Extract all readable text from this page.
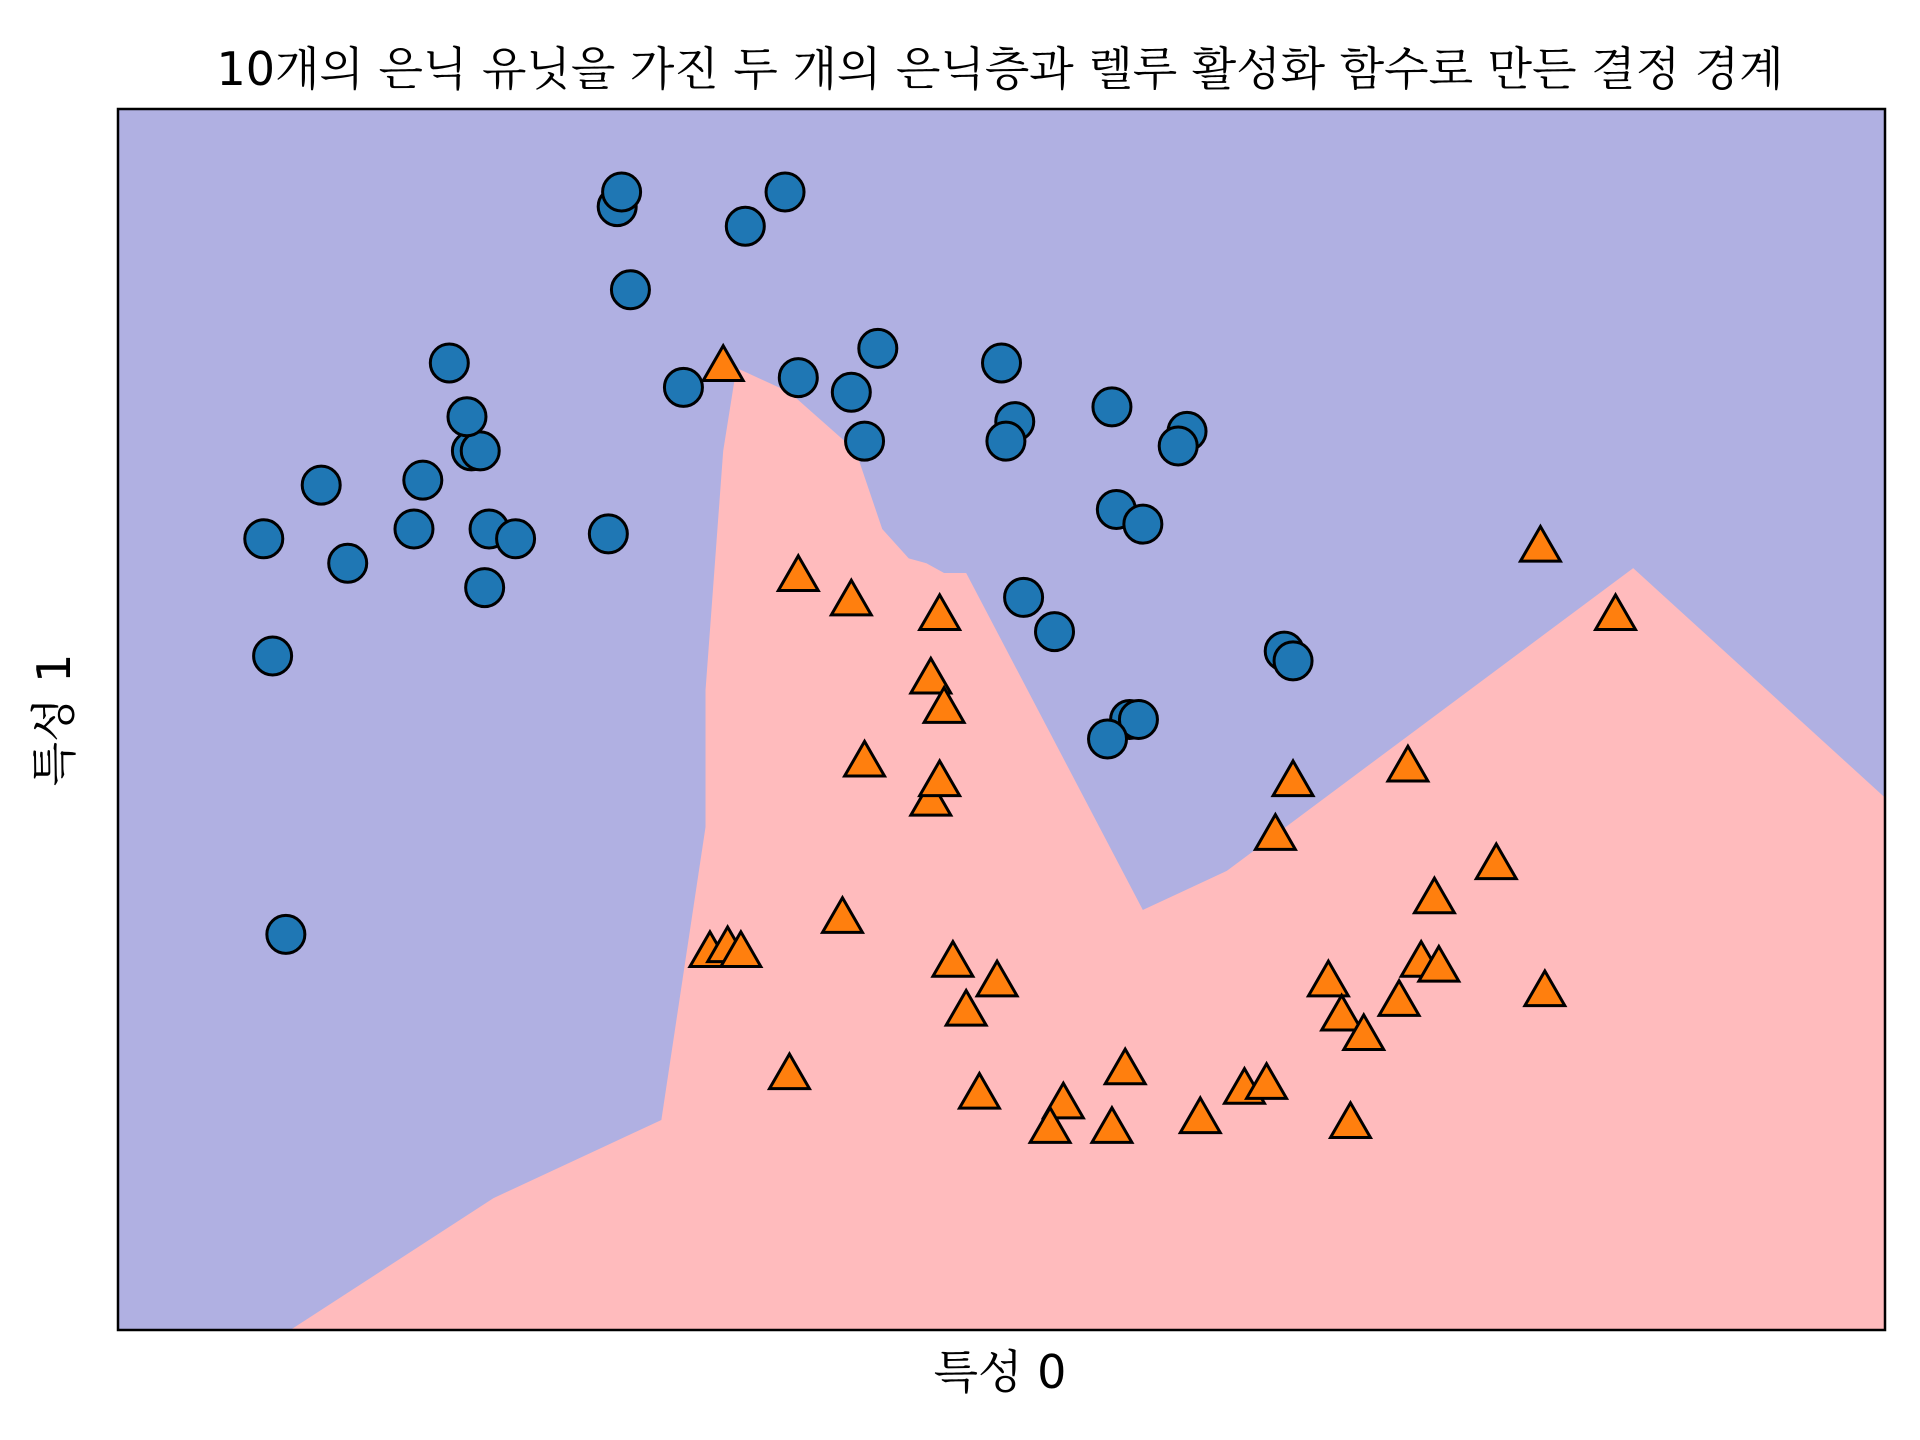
10개의 은닉 유닛을 가진 두 개의 은닉층과 렐루 활성화 함수로 만든 결정 경계
특성 0
특성 1
